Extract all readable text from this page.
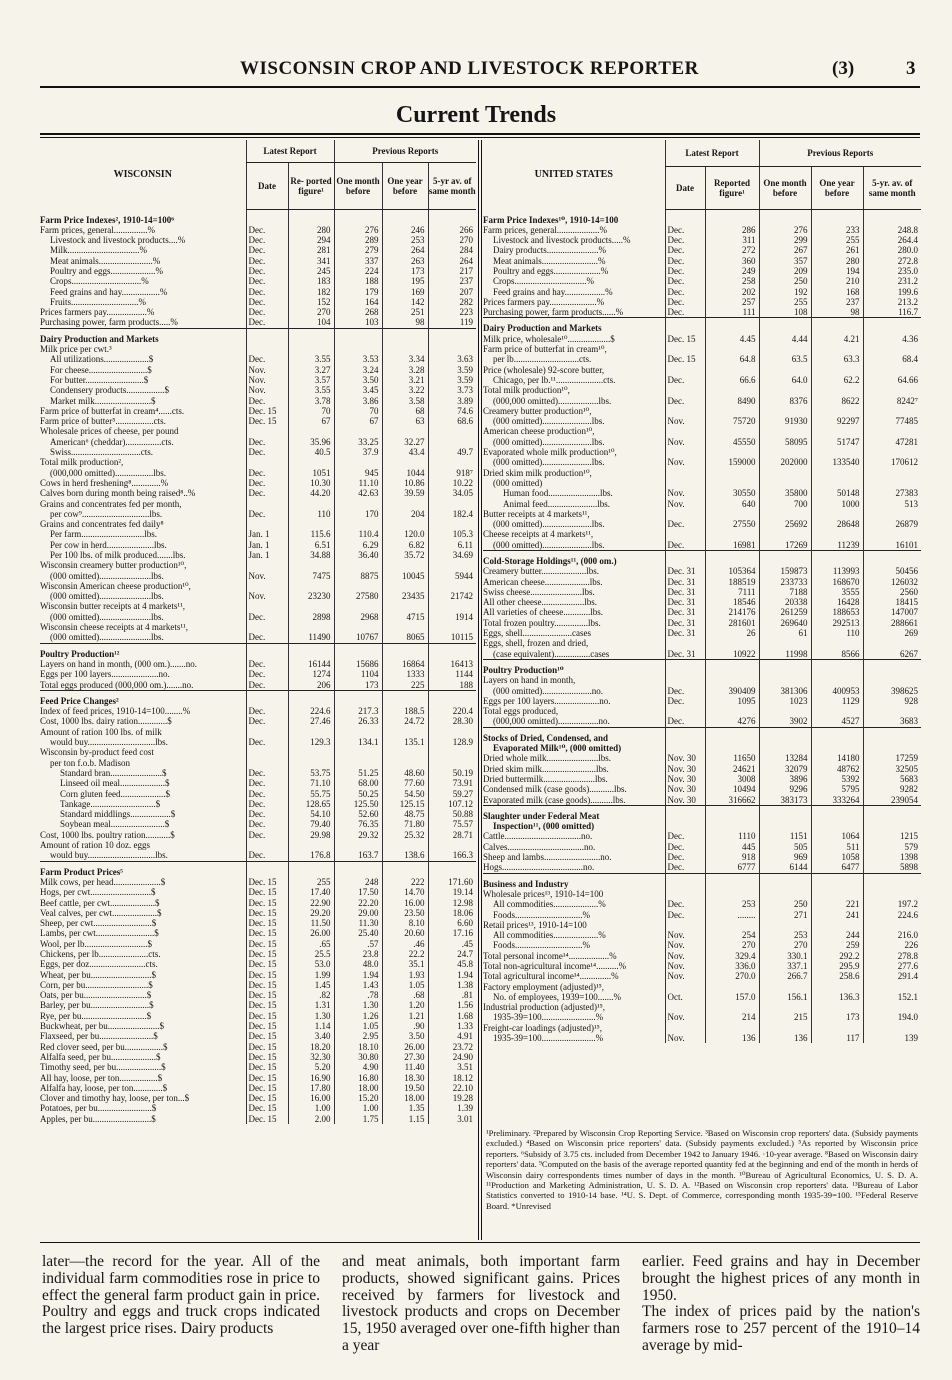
WISCONSIN CROP AND LIVESTOCK REPORTER	(3)	3
Current Trends
WISCONSIN	Latest Report		Previous Reports		
	Date	Re- ported figure¹	One month before	One year before	5-yr av. of same month
Farm Price Indexes², 1910-14=100⁶					
Farm prices, general...............%	Dec.	280	276	246	266
Livestock and livestock products....%	Dec.	294	289	253	270
Milk................................%	Dec.	281	279	264	284
Meat animals........................%	Dec.	341	337	263	264
Poultry and eggs....................%	Dec.	245	224	173	217
Crops...............................%	Dec.	183	188	195	237
Feed grains and hay.................%	Dec.	182	179	169	207
Fruits..............................%	Dec.	152	164	142	282
Prices farmers pay..................%	Dec.	270	268	251	223
Purchasing power, farm products.....%	Dec.	104	103	98	119
Dairy Production and Markets					
Milk price per cwt.³					
All utilizations....................$	Dec.	3.55	3.53	3.34	3.63
For cheese..........................$	Nov.	3.27	3.24	3.28	3.59
For butter..........................$	Nov.	3.57	3.50	3.21	3.59
Condensery products.................$	Nov.	3.55	3.45	3.22	3.73
Market milk.........................$	Dec.	3.78	3.86	3.58	3.89
Farm price of butterfat in cream⁴......cts.	Dec. 15	70	70	68	74.6
Farm price of butter⁵.................cts.	Dec. 15	67	67	63	68.6
Wholesale prices of cheese, per pound					
American⁶ (cheddar)................cts.	Dec.	35.96	33.25	32.27	
Swiss...............................cts.	Dec.	40.5	37.9	43.4	49.7
Total milk production²,					
(000,000 omitted).................lbs.	Dec.	1051	945	1044	918⁷
Cows in herd freshening⁸.............%	Dec.	10.30	11.10	10.86	10.22
Calves born during month being raised⁸..%	Dec.	44.20	42.63	39.59	34.05
Grains and concentrates fed per month,					
per cow⁹..............................lbs.	Dec.	110	170	204	182.4
Grains and concentrates fed daily⁸					
Per farm............................lbs.	Jan. 1	115.6	110.4	120.0	105.3
Per cow in herd.....................lbs.	Jan. 1	6.51	6.29	6.82	6.11
Per 100 lbs. of milk produced.......lbs.	Jan. 1	34.88	36.40	35.72	34.69
Wisconsin creamery butter production¹⁰,					
(000 omitted).......................lbs.	Nov.	7475	8875	10045	5944
Wisconsin American cheese production¹⁰,					
(000 omitted).......................lbs.	Nov.	23230	27580	23435	21742
Wisconsin butter receipts at 4 markets¹¹,					
(000 omitted).......................lbs.	Dec.	2898	2968	4715	1914
Wisconsin cheese receipts at 4 markets¹¹,					
(000 omitted).......................lbs.	Dec.	11490	10767	8065	10115
Poultry Production¹²					
Layers on hand in month, (000 om.).......no.	Dec.	16144	15686	16864	16413
Eggs per 100 layers.....................no.	Dec.	1274	1104	1333	1144
Total eggs produced (000,000 om.).......no.	Dec.	206	173	225	188
Feed Price Changes²					
Index of feed prices, 1910-14=100........%	Dec.	224.6	217.3	188.5	220.4
Cost, 1000 lbs. dairy ration.............$	Dec.	27.46	26.33	24.72	28.30
Amount of ration 100 lbs. of milk					
would buy..............................lbs.	Dec.	129.3	134.1	135.1	128.9
Wisconsin by-product feed cost					
per ton f.o.b. Madison					
Standard bran.......................$	Dec.	53.75	51.25	48.60	50.19
Linseed oil meal....................$	Dec.	71.10	68.00	77.60	73.91
Corn gluten feed....................$	Dec.	55.75	50.25	54.50	59.27
Tankage.............................$	Dec.	128.65	125.50	125.15	107.12
Standard middlings..................$	Dec.	54.10	52.60	48.75	50.88
Soybean meal........................$	Dec.	79.40	76.35	71.80	75.57
Cost, 1000 lbs. poultry ration...........$	Dec.	29.98	29.32	25.32	28.71
Amount of ration 10 doz. eggs					
would buy..............................lbs.	Dec.	176.8	163.7	138.6	166.3
Farm Product Prices⁵					
Milk cows, per head.....................$	Dec. 15	255	248	222	171.60
Hogs, per cwt...........................$	Dec. 15	17.40	17.50	14.70	19.14
Beef cattle, per cwt....................$	Dec. 15	22.90	22.20	16.00	12.98
Veal calves, per cwt....................$	Dec. 15	29.20	29.00	23.50	18.06
Sheep, per cwt..........................$	Dec. 15	11.50	11.30	8.10	6.60
Lambs, per cwt..........................$	Dec. 15	26.00	25.40	20.60	17.16
Wool, per lb............................$	Dec. 15	.65	.57	.46	.45
Chickens, per lb......................cts.	Dec. 15	25.5	23.8	22.2	24.7
Eggs, per doz.........................cts.	Dec. 15	53.0	48.0	35.1	45.8
Wheat, per bu...........................$	Dec. 15	1.99	1.94	1.93	1.94
Corn, per bu............................$	Dec. 15	1.45	1.43	1.05	1.38
Oats, per bu............................$	Dec. 15	.82	.78	.68	.81
Barley, per bu..........................$	Dec. 15	1.31	1.30	1.20	1.56
Rye, per bu.............................$	Dec. 15	1.30	1.26	1.21	1.68
Buckwheat, per bu.......................$	Dec. 15	1.14	1.05	.90	1.33
Flaxseed, per bu........................$	Dec. 15	3.40	2.95	3.50	4.91
Red clover seed, per bu.................$	Dec. 15	18.20	18.10	26.00	23.72
Alfalfa seed, per bu....................$	Dec. 15	32.30	30.80	27.30	24.90
Timothy seed, per bu....................$	Dec. 15	5.20	4.90	11.40	3.51
All hay, loose, per ton.................$	Dec. 15	16.90	16.80	18.30	18.12
Alfalfa hay, loose, per ton.............$	Dec. 15	17.80	18.00	19.50	22.10
Clover and timothy hay, loose, per ton...$	Dec. 15	16.00	15.20	18.00	19.28
Potatoes, per bu........................$	Dec. 15	1.00	1.00	1.35	1.39
Apples, per bu..........................$	Dec. 15	2.00	1.75	1.15	3.01
UNITED STATES	Latest Report		Previous Reports		
	Date	Reported figure¹	One month before	One year before	5-yr. av. of same month
Farm Price Indexes¹⁰, 1910-14=100					
Farm prices, general...................%	Dec.	286	276	233	248.8
Livestock and livestock products.....%	Dec.	311	299	255	264.4
Dairy products.......................%	Dec.	272	267	261	280.0
Meat animals.........................%	Dec.	360	357	280	272.8
Poultry and eggs.....................%	Dec.	249	209	194	235.0
Crops................................%	Dec.	258	250	210	231.2
Feed grains and hay..................%	Dec.	202	192	168	199.6
Prices farmers pay.....................%	Dec.	257	255	237	213.2
Purchasing power, farm products......%	Dec.	111	108	98	116.7
Dairy Production and Markets					
Milk price, wholesale¹⁰...................$	Dec. 15	4.45	4.44	4.21	4.36
Farm price of butterfat in cream¹⁰,					
per lb.............................cts.	Dec. 15	64.8	63.5	63.3	68.4
Price (wholesale) 92-score butter,					
Chicago, per lb.¹¹.....................cts.	Dec.	66.6	64.0	62.2	64.66
Total milk production¹⁰,					
(000,000 omitted)..................lbs.	Dec.	8490	8376	8622	8242⁷
Creamery butter production¹⁰,					
(000 omitted)......................lbs.	Nov.	75720	91930	92297	77485
American cheese production¹⁰,					
(000 omitted)......................lbs.	Nov.	45550	58095	51747	47281
Evaporated whole milk production¹⁰,					
(000 omitted)......................lbs.	Nov.	159000	202000	133540	170612
Dried skim milk production¹⁰,					
(000 omitted)					
Human food.......................lbs.	Nov.	30550	35800	50148	27383
Animal feed......................lbs.	Nov.	640	700	1000	513
Butter receipts at 4 markets¹¹,					
(000 omitted)......................lbs.	Dec.	27550	25692	28648	26879
Cheese receipts at 4 markets¹¹,					
(000 omitted)......................lbs.	Dec.	16981	17269	11239	16101
Cold-Storage Holdings¹¹, (000 om.)					
Creamery butter....................lbs.	Dec. 31	105364	159873	113993	50456
American cheese....................lbs.	Dec. 31	188519	233733	168670	126032
Swiss cheese.......................lbs.	Dec. 31	7111	7188	3555	2560
All other cheese...................lbs.	Dec. 31	18546	20338	16428	18415
All varieties of cheese............lbs.	Dec. 31	214176	261259	188653	147007
Total frozen poultry...............lbs.	Dec. 31	281601	269640	292513	288661
Eggs, shell......................cases	Dec. 31	26	61	110	269
Eggs, shell, frozen and dried,					
(case equivalent)................cases	Dec. 31	10922	11998	8566	6267
Poultry Production¹⁰					
Layers on hand in month,					
(000 omitted)......................no.	Dec.	390409	381306	400953	398625
Eggs per 100 layers....................no.	Dec.	1095	1023	1129	928
Total eggs produced,					
(000,000 omitted)..................no.	Dec.	4276	3902	4527	3683
Stocks of Dried, Condensed, and					
Evaporated Milk¹⁰, (000 omitted)					
Dried whole milk.......................lbs.	Nov. 30	11650	13284	14180	17259
Dried skim milk........................lbs.	Nov. 30	24621	32079	48762	32505
Dried buttermilk.......................lbs.	Nov. 30	3008	3896	5392	5683
Condensed milk (case goods)...........lbs.	Nov. 30	10494	9296	5795	9282
Evaporated milk (case goods)..........lbs.	Nov. 30	316662	383173	333264	239054
Slaughter under Federal Meat					
Inspection¹¹, (000 omitted)					
Cattle..................................no.	Dec.	1110	1151	1064	1215
Calves..................................no.	Dec.	445	505	511	579
Sheep and lambs.........................no.	Dec.	918	969	1058	1398
Hogs....................................no.	Dec.	6777	6144	6477	5898
Business and Industry					
Wholesale prices¹³, 1910-14=100					
All commodities....................%	Dec.	253	250	221	197.2
Foods..............................%	Dec.	........	271	241	224.6
Retail prices¹³, 1910-14=100					
All commodities....................%	Nov.	254	253	244	216.0
Foods..............................%	Nov.	270	270	259	226
Total personal income¹⁴..................%	Nov.	329.4	330.1	292.2	278.8
Total non-agricultural income¹⁴..........%	Nov.	336.0	337.1	295.9	277.6
Total agricultural income¹⁴..............%	Nov.	270.0	266.7	258.6	291.4
Factory employment (adjusted)¹⁵,					
No. of employees, 1939=100.......%	Oct.	157.0	156.1	136.3	152.1
Industrial production (adjusted)¹⁵,					
1935-39=100........................%	Nov.	214	215	173	194.0
Freight-car loadings (adjusted)¹⁵,					
1935-39=100........................%	Nov.	136	136	117	139
¹Preliminary. ²Prepared by Wisconsin Crop Reporting Service. ³Based on Wisconsin crop reporters' data. (Subsidy payments excluded.) ⁴Based on Wisconsin price reporters' data. (Subsidy payments excluded.) ⁵As reported by Wisconsin price reporters. ⁶Subsidy of 3.75 cts. included from December 1942 to January 1946. ·10-year average. ⁸Based on Wisconsin dairy reporters' data. ⁹Computed on the basis of the average reported quantity fed at the beginning and end of the month in herds of Wisconsin dairy correspondents times number of days in the month. ¹⁰Bureau of Agricultural Economics, U. S. D. A. ¹¹Production and Marketing Administration, U. S. D. A. ¹²Based on Wisconsin crop reporters' data. ¹³Bureau of Labor Statistics converted to 1910-14 base. ¹⁴U. S. Dept. of Commerce, corresponding month 1935-39=100. ¹⁵Federal Reserve Board. *Unrevised
later—the record for the year. All of the individual farm commodities rose in price to effect the general farm product gain in price. Poultry and eggs and truck crops indicated the largest price rises. Dairy products
and meat animals, both important farm products, showed significant gains. Prices received by farmers for livestock and livestock products and crops on December 15, 1950 averaged over one-fifth higher than a year
earlier. Feed grains and hay in December brought the highest prices of any month in 1950.
The index of prices paid by the nation's farmers rose to 257 percent of the 1910–14 average by mid-
